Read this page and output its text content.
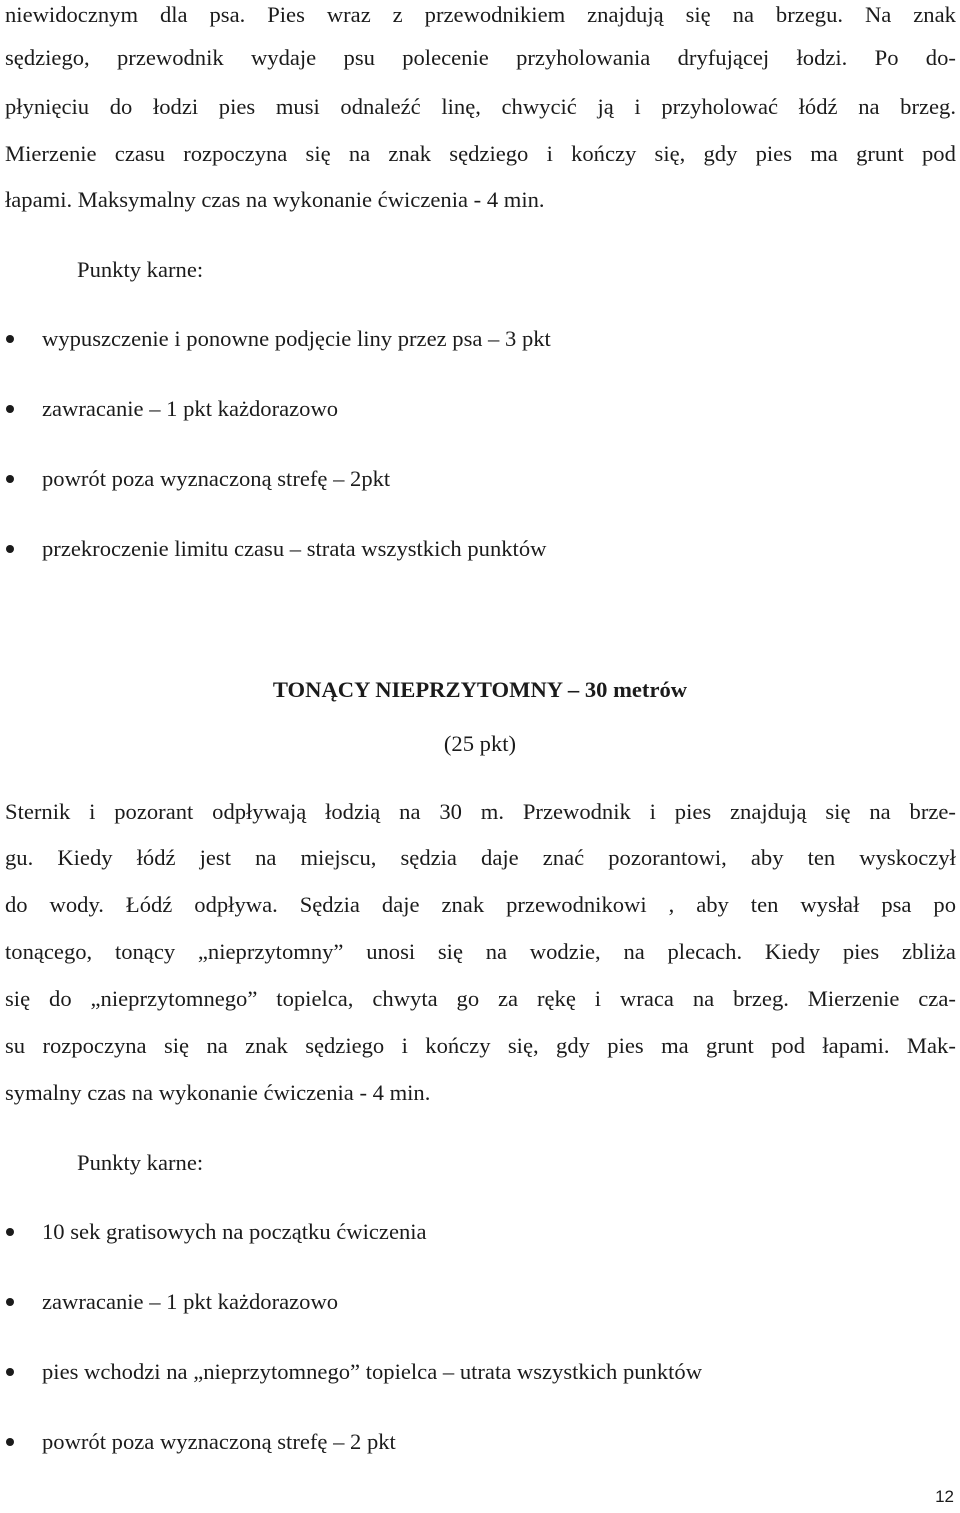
niewidocznym dla psa. Pies wraz z przewodnikiem znajdują się na brzegu. Na znak
sędziego, przewodnik wydaje psu polecenie przyholowania dryfującej łodzi. Po do-
płynięciu do łodzi pies musi odnaleźć linę, chwycić ją i przyholować łódź na brzeg.
Mierzenie czasu rozpoczyna się na znak sędziego i kończy się, gdy pies ma grunt pod
łapami. Maksymalny czas na wykonanie ćwiczenia - 4 min.
Punkty karne:
wypuszczenie i ponowne podjęcie liny przez psa – 3 pkt
zawracanie – 1 pkt każdorazowo
powrót poza wyznaczoną strefę – 2pkt
przekroczenie limitu czasu – strata wszystkich punktów
TONĄCY NIEPRZYTOMNY – 30 metrów
(25 pkt)
Sternik i pozorant odpływają łodzią na 30 m. Przewodnik i pies znajdują się na brze-
gu. Kiedy łódź jest na miejscu, sędzia daje znać pozorantowi, aby ten wyskoczył
do wody. Łódź odpływa. Sędzia daje znak przewodnikowi , aby ten wysłał psa po
tonącego, tonący „nieprzytomny” unosi się na wodzie, na plecach. Kiedy pies zbliża
się do „nieprzytomnego” topielca, chwyta go za rękę i wraca na brzeg. Mierzenie cza-
su rozpoczyna się na znak sędziego i kończy się, gdy pies ma grunt pod łapami. Mak-
symalny czas na wykonanie ćwiczenia - 4 min.
Punkty karne:
10 sek gratisowych na początku ćwiczenia
zawracanie – 1 pkt każdorazowo
pies wchodzi na „nieprzytomnego” topielca – utrata wszystkich punktów
powrót poza wyznaczoną strefę – 2 pkt
12
